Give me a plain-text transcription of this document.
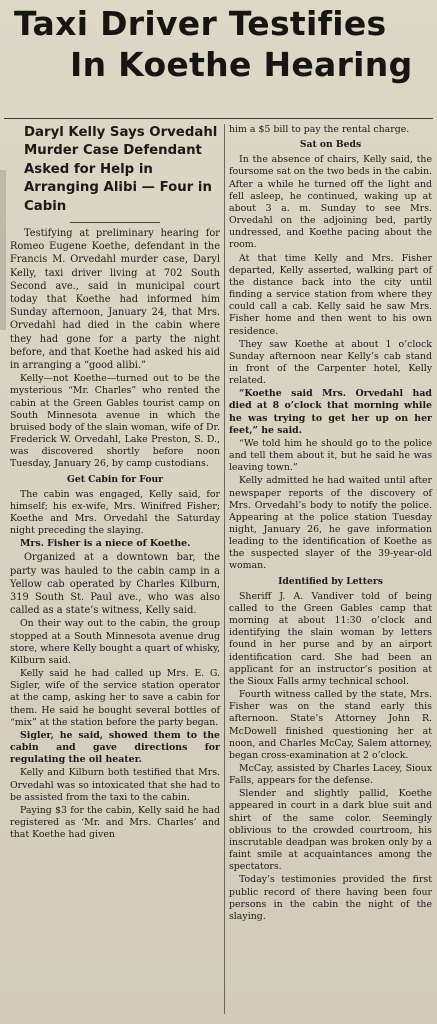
Taxi Driver Testifies
In Koethe Hearing
Daryl Kelly Says Orvedahl Murder Case Defendant Asked for Help in Arranging Alibi — Four in Cabin

Testifying at preliminary hearing for Romeo Eugene Koethe, defendant in the Francis M. Orvedahl murder case, Daryl Kelly, taxi driver living at 702 South Second ave., said in municipal court today that Koethe had informed him Sunday afternoon, January 24, that Mrs. Orvedahl had died in the cabin where they had gone for a party the night before, and that Koethe had asked his aid in arranging a “good alibi.”

Kelly—not Koethe—turned out to be the mysterious “Mr. Charles” who rented the cabin at the Green Gables tourist camp on South Minnesota avenue in which the bruised body of the slain woman, wife of Dr. Frederick W. Orvedahl, Lake Preston, S. D., was discovered shortly before noon Tuesday, January 26, by camp custodians.

Get Cabin for Four

The cabin was engaged, Kelly said, for himself; his ex-wife, Mrs. Winifred Fisher; Koethe and Mrs. Orvedahl the Saturday night preceding the slaying.

Mrs. Fisher is a niece of Koethe.

Organized at a downtown bar, the party was hauled to the cabin camp in a Yellow cab operated by Charles Kilburn, 319 South St. Paul ave., who was also called as a state’s witness, Kelly said.

On their way out to the cabin, the group stopped at a South Minnesota avenue drug store, where Kelly bought a quart of whisky, Kilburn said.

Kelly said he had called up Mrs. E. G. Sigler, wife of the service station operator at the camp, asking her to save a cabin for them. He said he bought several bottles of “mix” at the station before the party began.

Sigler, he said, showed them to the cabin and gave directions for regulating the oil heater.

Kelly and Kilburn both testified that Mrs. Orvedahl was so intoxicated that she had to be assisted from the taxi to the cabin.

Paying $3 for the cabin, Kelly said he had registered as ‘Mr. and Mrs. Charles’ and that Koethe had given

him a $5 bill to pay the rental charge.

Sat on Beds

In the absence of chairs, Kelly said, the foursome sat on the two beds in the cabin. After a while he turned off the light and fell asleep, he continued, waking up at about 3 a. m. Sunday to see Mrs. Orvedahl on the adjoining bed, partly undressed, and Koethe pacing about the room.

At that time Kelly and Mrs. Fisher departed, Kelly asserted, walking part of the distance back into the city until finding a service station from where they could call a cab. Kelly said he saw Mrs. Fisher home and then went to his own residence.

They saw Koethe at about 1 o’clock Sunday afternoon near Kelly’s cab stand in front of the Carpenter hotel, Kelly related.

“Koethe said Mrs. Orvedahl had died at 8 o’clock that morning while he was trying to get her up on her feet,” he said.

“We told him he should go to the police and tell them about it, but he said he was leaving town.”

Kelly admitted he had waited until after newspaper reports of the discovery of Mrs. Orvedahl’s body to notify the police. Appearing at the police station Tuesday night, January 26, he gave information leading to the identification of Koethe as the suspected slayer of the 39-year-old woman.

Identified by Letters

Sheriff J. A. Vandiver told of being called to the Green Gables camp that morning at about 11:30 o’clock and identifying the slain woman by letters found in her purse and by an airport identification card. She had been an applicant for an instructor’s position at the Sioux Falls army technical school.

Fourth witness called by the state, Mrs. Fisher was on the stand early this afternoon. State’s Attorney John R. McDowell finished questioning her at noon, and Charles McCay, Salem attorney, began cross-examination at 2 o’clock.

McCay, assisted by Charles Lacey, Sioux Falls, appears for the defense.

Slender and slightly pallid, Koethe appeared in court in a dark blue suit and shirt of the same color. Seemingly oblivious to the crowded courtroom, his inscrutable deadpan was broken only by a faint smile at acquaintances among the spectators.

Today’s testimonies provided the first public record of there having been four persons in the cabin the night of the slaying.
